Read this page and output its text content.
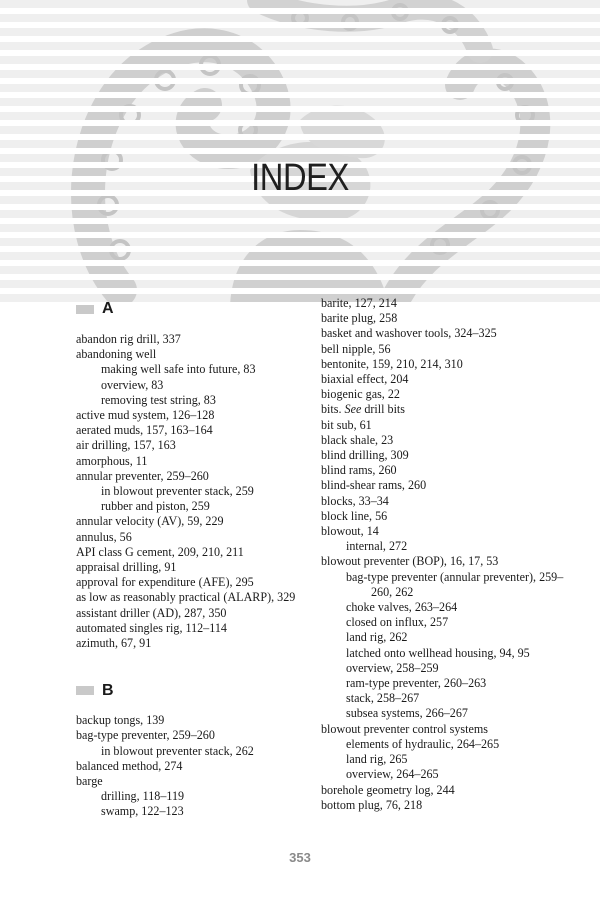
INDEX
A
abandon rig drill, 337
abandoning well
making well safe into future, 83
overview, 83
removing test string, 83
active mud system, 126–128
aerated muds, 157, 163–164
air drilling, 157, 163
amorphous, 11
annular preventer, 259–260
in blowout preventer stack, 259
rubber and piston, 259
annular velocity (AV), 59, 229
annulus, 56
API class G cement, 209, 210, 211
appraisal drilling, 91
approval for expenditure (AFE), 295
as low as reasonably practical (ALARP), 329
assistant driller (AD), 287, 350
automated singles rig, 112–114
azimuth, 67, 91
B
backup tongs, 139
bag-type preventer, 259–260
in blowout preventer stack, 262
balanced method, 274
barge
drilling, 118–119
swamp, 122–123
barite, 127, 214
barite plug, 258
basket and washover tools, 324–325
bell nipple, 56
bentonite, 159, 210, 214, 310
biaxial effect, 204
biogenic gas, 22
bits. See drill bits
bit sub, 61
black shale, 23
blind drilling, 309
blind rams, 260
blind-shear rams, 260
blocks, 33–34
block line, 56
blowout, 14
internal, 272
blowout preventer (BOP), 16, 17, 53
bag-type preventer (annular preventer), 259–260, 262
choke valves, 263–264
closed on influx, 257
land rig, 262
latched onto wellhead housing, 94, 95
overview, 258–259
ram-type preventer, 260–263
stack, 258–267
subsea systems, 266–267
blowout preventer control systems
elements of hydraulic, 264–265
land rig, 265
overview, 264–265
borehole geometry log, 244
bottom plug, 76, 218
353
